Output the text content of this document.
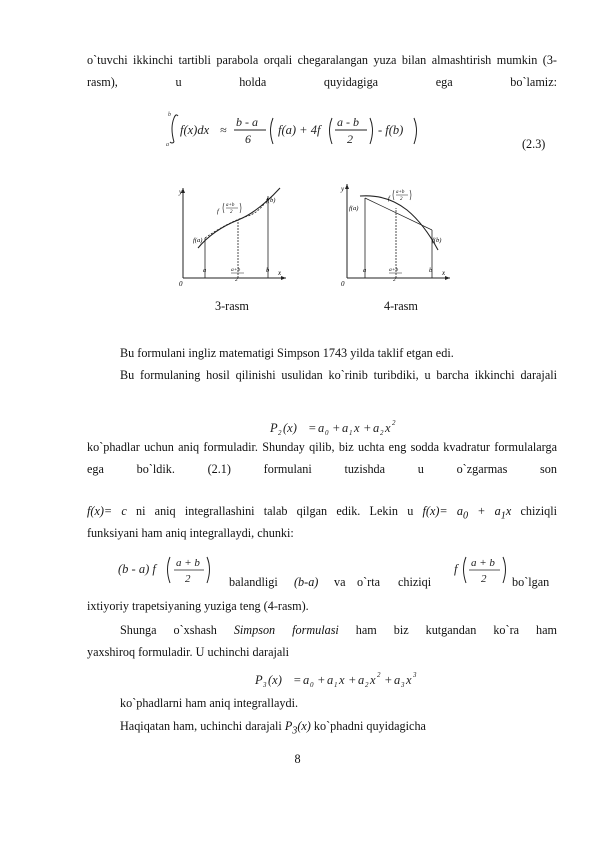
o`tuvchi ikkinchi tartibli parabola orqali chegaralangan yuza bilan almashtirish mumkin (3-rasm), u holda quyidagiga ega bo`lamiz:
b
a
f(x)dx ≈
b - a
6
f(a) + 4f
a - b
2
- f(b)
(2.3)
y
x
0
f(a)
f(b)
f
a+b
2
a	b
a+b
2
y
x
0
f(a)
f(b)
f
a+b
2
a	b
a+b
2
3-rasm	4-rasm
Bu formulani ingliz matematigi Simpson 1743 yilda taklif etgan edi.
Bu formulaning hosil qilinishi usulidan ko`rinib turibdiki, u barcha ikkinchi darajali
P 2 (x) = a 0 + a 1 x + a 2 x 2
ko`phadlar uchun aniq formuladir. Shunday qilib, biz uchta eng sodda kvadratur formulalarga ega bo`ldik. (2.1) formulani tuzishda u o`zgarmas son
f(x)= c ni aniq integrallashini talab qilgan edik. Lekin u $f(x)= a_0 + a_1x$ chiziqli
funksiyani ham aniq integrallaydi, chunki:
(b - a) f a + b
2	balandligi (b-a) va o`rta chiziqi
f a + b
2 bo`lgan
ixtiyoriy trapetsiyaning yuziga teng (4-rasm).
Shunga o`xshash Simpson formulasi ham biz kutgandan ko`ra ham
yaxshiroq formuladir. U uchinchi darajali
P 3 (x) = a 0 + a 1 x + a 2 x 2 + a 3 x 3
ko`phadlarni ham aniq integrallaydi.
Haqiqatan ham, uchinchi darajali $P_3(x)$ ko`phadni quyidagicha
8
